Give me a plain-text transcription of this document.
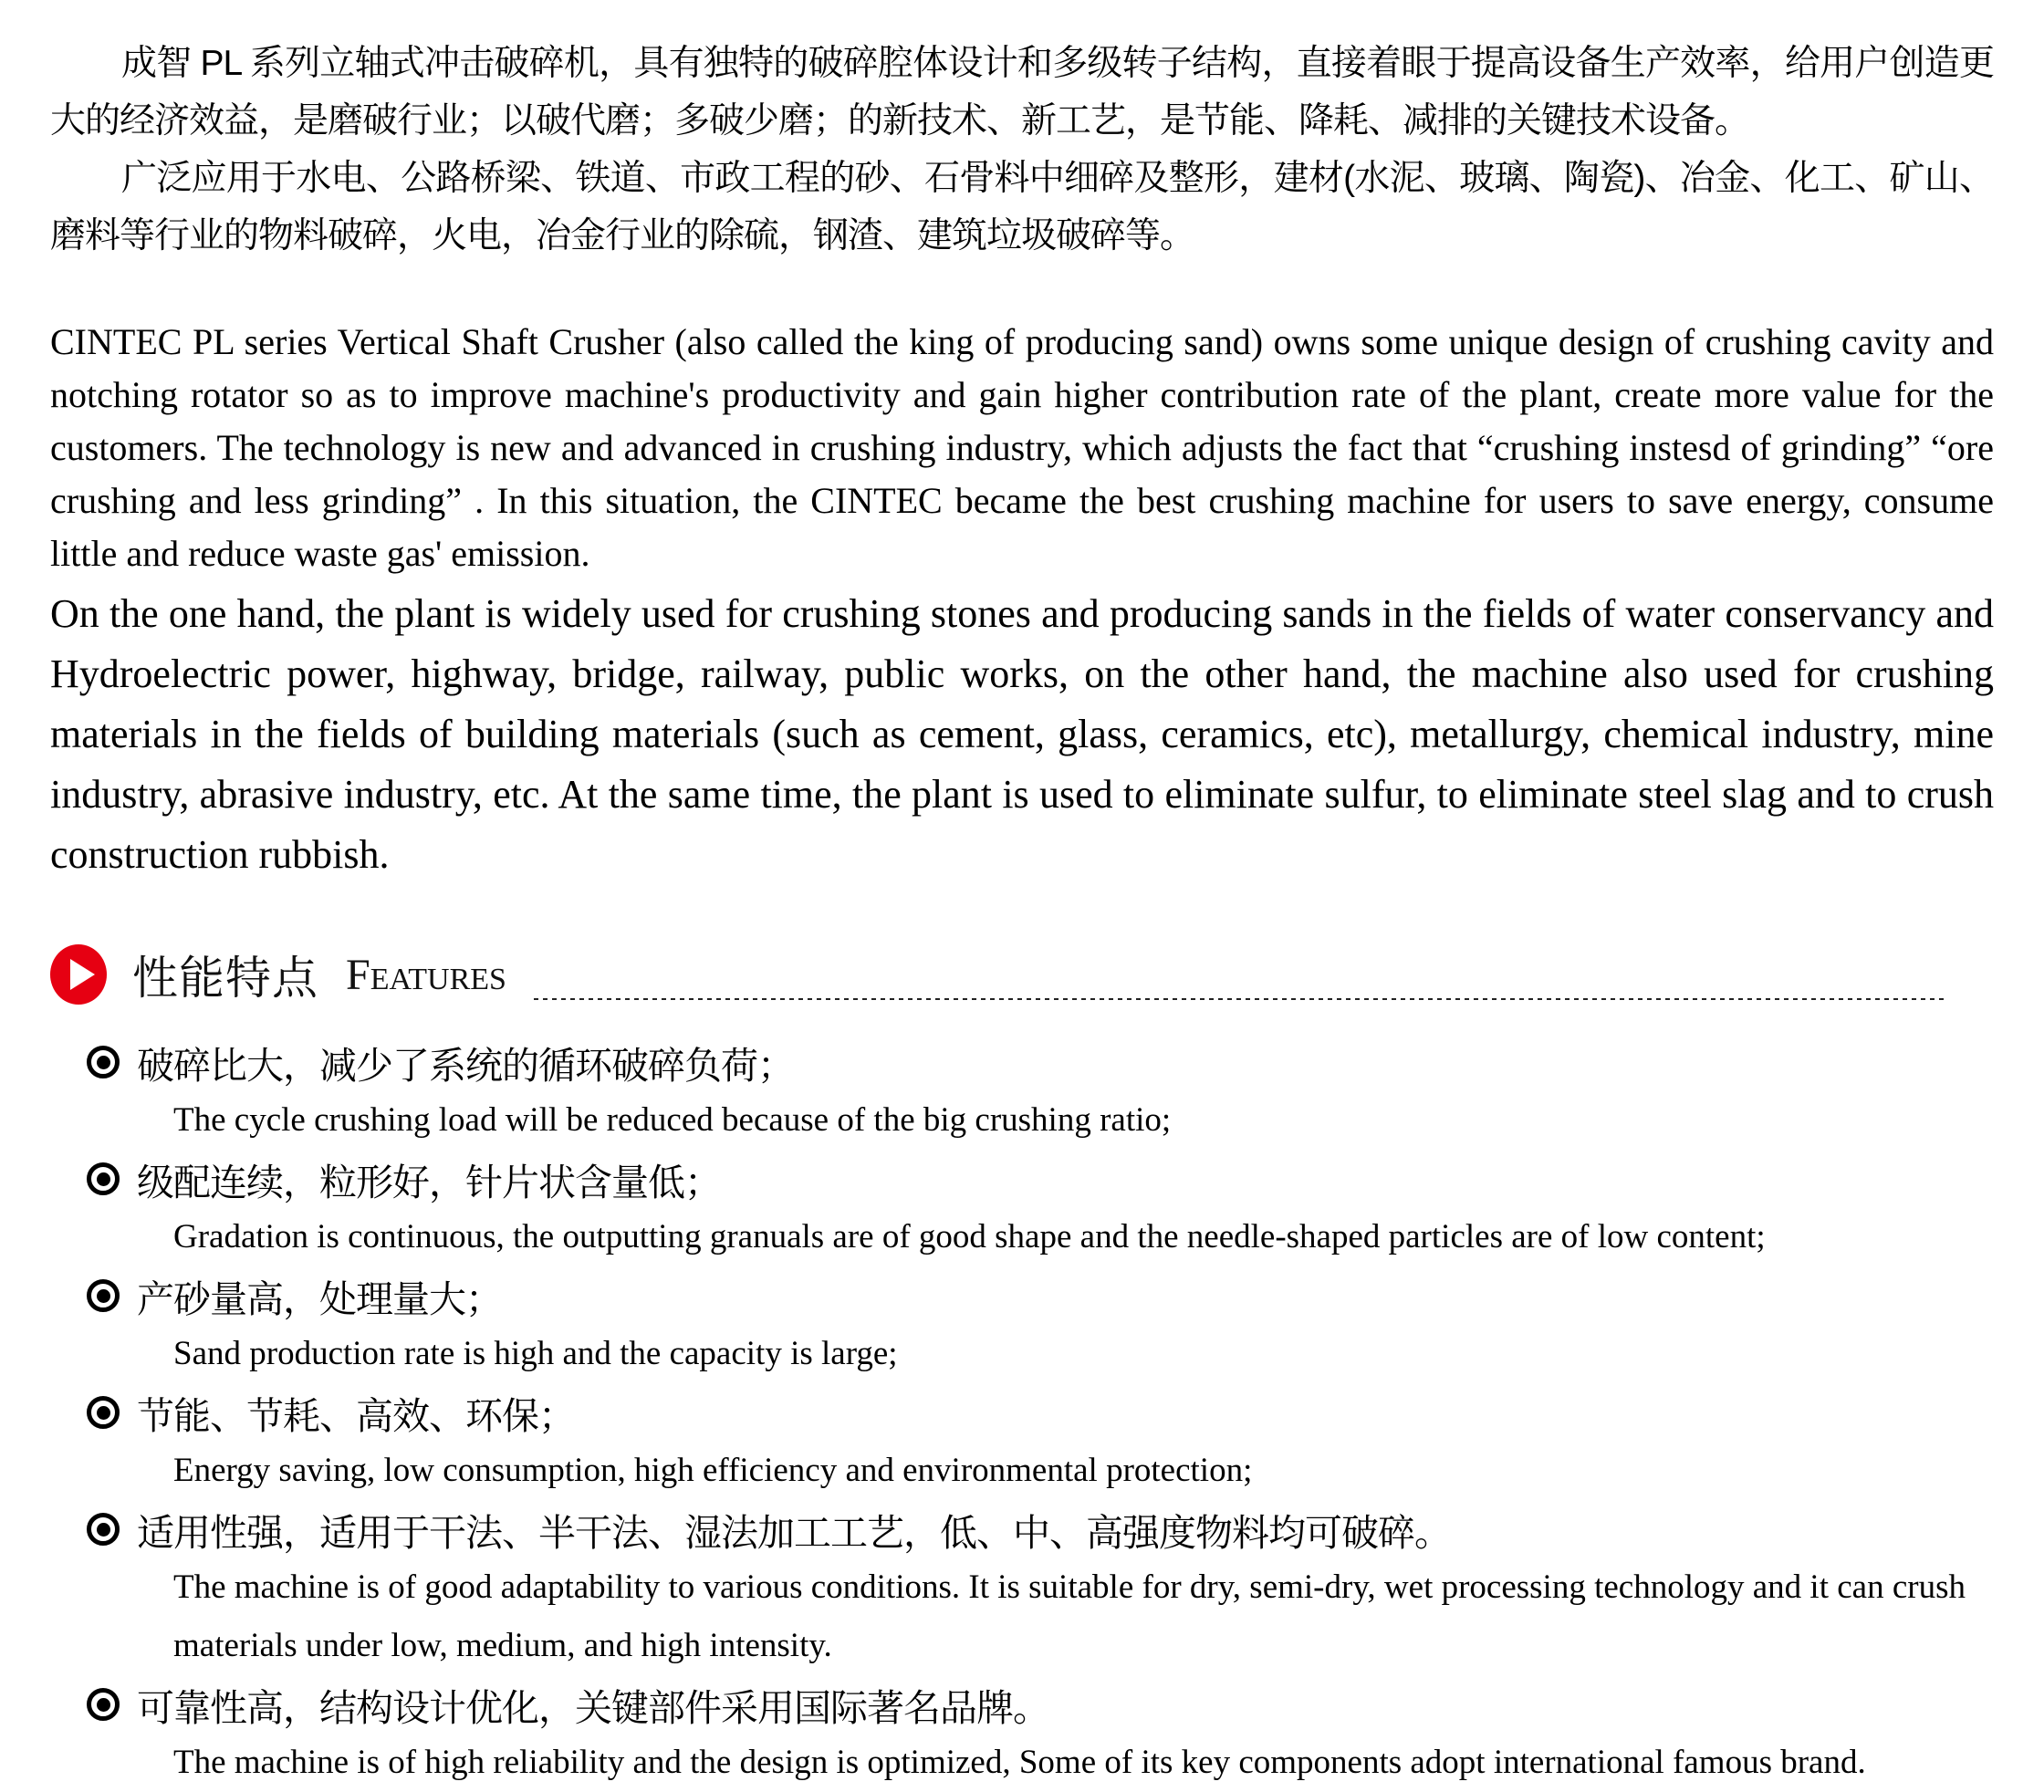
成智 PL 系列立轴式冲击破碎机，具有独特的破碎腔体设计和多级转子结构，直接着眼于提高设备生产效率，给用户创造更大的经济效益，是磨破行业；以破代磨；多破少磨；的新技术、新工艺，是节能、降耗、减排的关键技术设备。

广泛应用于水电、公路桥梁、铁道、市政工程的砂、石骨料中细碎及整形，建材(水泥、玻璃、陶瓷)、冶金、化工、矿山、磨料等行业的物料破碎，火电，冶金行业的除硫，钢渣、建筑垃圾破碎等。

CINTEC PL series Vertical Shaft Crusher (also called the king of producing sand) owns some unique design of crushing cavity and notching rotator so as to improve machine's productivity and gain higher contribution rate of the plant, create more value for the customers. The technology is new and advanced in crushing industry, which adjusts the fact that “crushing instesd of grinding” “ore crushing and less grinding” . In this situation, the CINTEC became the best crushing machine for users to save energy, consume little and reduce waste gas' emission.

On the one hand, the plant is widely used for crushing stones and producing sands in the fields of water conservancy and Hydroelectric power, highway, bridge, railway, public works, on the other hand, the machine also used for crushing materials in the fields of building materials (such as cement, glass, ceramics, etc), metallurgy, chemical industry, mine industry, abrasive industry, etc. At the same time, the plant is used to eliminate sulfur, to eliminate steel slag and to crush construction rubbish.

性能特点 Features
破碎比大，减少了系统的循环破碎负荷；
The cycle crushing load will be reduced because of the big crushing ratio;
级配连续，粒形好，针片状含量低；
Gradation is continuous, the outputting granuals are of good shape and the needle-shaped particles are of low content;
产砂量高，处理量大；
Sand production rate is high and the capacity is large;
节能、节耗、高效、环保；
Energy saving, low consumption, high efficiency and environmental protection;
适用性强，适用于干法、半干法、湿法加工工艺，低、中、高强度物料均可破碎。
The machine is of good adaptability to various conditions. It is suitable for dry, semi-dry, wet processing technology and it can crush materials under low, medium, and high intensity.
可靠性高，结构设计优化，关键部件采用国际著名品牌。
The machine is of high reliability and the design is optimized, Some of its key components adopt international famous brand.
